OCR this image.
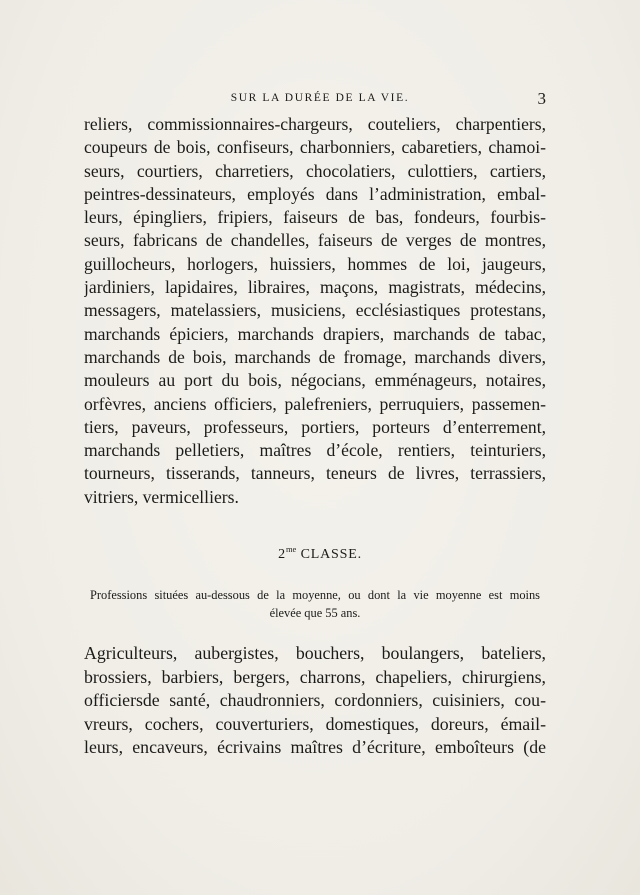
SUR LA DURÉE DE LA VIE.	3

reliers, commissionnaires-chargeurs, couteliers, charpentiers,
coupeurs de bois, confiseurs, charbonniers, cabaretiers, chamoi-
seurs, courtiers, charretiers, chocolatiers, culottiers, cartiers,
peintres-dessinateurs, employés dans l’administration, embal-
leurs, épingliers, fripiers, faiseurs de bas, fondeurs, fourbis-
seurs, fabricans de chandelles, faiseurs de verges de montres,
guillocheurs, horlogers, huissiers, hommes de loi, jaugeurs,
jardiniers, lapidaires, libraires, maçons, magistrats, médecins,
messagers, matelassiers, musiciens, ecclésiastiques protestans,
marchands épiciers, marchands drapiers, marchands de tabac,
marchands de bois, marchands de fromage, marchands divers,
mouleurs au port du bois, négocians, emménageurs, notaires,
orfèvres, anciens officiers, palefreniers, perruquiers, passemen-
tiers, paveurs, professeurs, portiers, porteurs d’enterrement,
marchands pelletiers, maîtres d’école, rentiers, teinturiers,
tourneurs, tisserands, tanneurs, teneurs de livres, terrassiers,
vitriers, vermicelliers.

$2^{me}$ CLASSE.
Professions situées au-dessous de la moyenne, ou dont la vie moyenne est moins
élevée que 55 ans.

Agriculteurs, aubergistes, bouchers, boulangers, bateliers,
brossiers, barbiers, bergers, charrons, chapeliers, chirurgiens,
officiersde santé, chaudronniers, cordonniers, cuisiniers, cou-
vreurs, cochers, couverturiers, domestiques, doreurs, émail-
leurs, encaveurs, écrivains maîtres d’écriture, emboîteurs (de
